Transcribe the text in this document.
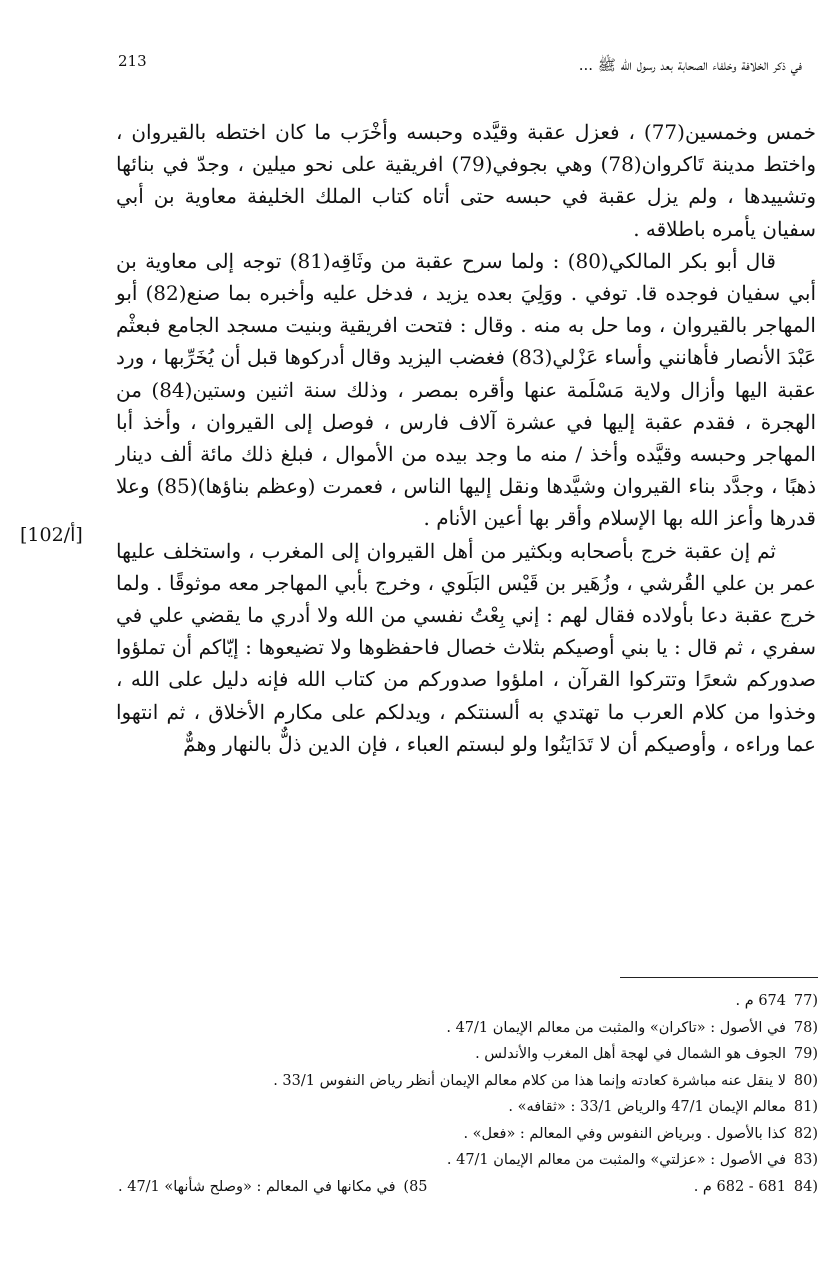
في ذكر الخلافة وخلفاء الصحابة بعد رسول الله ﷺ ...
213

خمس وخمسين(77) ، فعزل عقبة وقيَّده وحبسه وأخْرَب ما كان اختطه بالقيروان ، واختط مدينة تَاكروان(78) وهي بجوفي(79) افريقية على نحو ميلين ، وجدّ في بنائها وتشييدها ، ولم يزل عقبة في حبسه حتى أتاه كتاب الملك الخليفة معاوية بن أبي سفيان يأمره باطلاقه .

قال أبو بكر المالكي(80) : ولما سرح عقبة من وثَاقِه(81) توجه إلى معاوية بن أبي سفيان فوجده قا. توفي . ووَلِيَ بعده يزيد ، فدخل عليه وأخبره بما صنع(82) أبو المهاجر بالقيروان ، وما حل به منه . وقال : فتحت افريقية وبنيت مسجد الجامع فبعثْم عَبْدَ الأنصار فأهانني وأساء عَزْلي(83) فغضب اليزيد وقال أدركوها قبل أن يُخَرِّبها ، ورد عقبة اليها وأزال ولاية مَسْلَمة عنها وأقره بمصر ، وذلك سنة اثنين وستين(84) من الهجرة ، فقدم عقبة إليها في عشرة آلاف فارس ، فوصل إلى القيروان ، وأخذ أبا المهاجر وحبسه وقيَّده وأخذ / منه ما وجد بيده من الأموال ، فبلغ ذلك مائة ألف دينار ذهبًا ، وجدَّد بناء القيروان وشيَّدها ونقل إليها الناس ، فعمرت (وعظم بناؤها)(85) وعلا قدرها وأعز الله بها الإسلام وأقر بها أعين الأنام .

ثم إن عقبة خرج بأصحابه وبكثير من أهل القيروان إلى المغرب ، واستخلف عليها عمر بن علي القُرشي ، وزُهَير بن قَيْس البَلَوي ، وخرج بأبي المهاجر معه موثوقًا . ولما خرج عقبة دعا بأولاده فقال لهم : إني بِعْتُ نفسي من الله ولا أدري ما يقضي علي في سفري ، ثم قال : يا بني أوصيكم بثلاث خصال فاحفظوها ولا تضيعوها : إيّاكم أن تملؤوا صدوركم شعرًا وتتركوا القرآن ، املؤوا صدوركم من كتاب الله فإنه دليل على الله ، وخذوا من كلام العرب ما تهتدي به ألسنتكم ، ويدلكم على مكارم الأخلاق ، ثم انتهوا عما وراءه ، وأوصيكم أن لا تَدَايَنُوا ولو لبستم العباء ، فإن الدين ذلٌّ بالنهار وهمٌّ

[102/أ]
(77674 م .
(78في الأصول : «تاكران» والمثبت من معالم الإيمان 47/1 .
(79الجوف هو الشمال في لهجة أهل المغرب والأندلس .
(80لا ينقل عنه مباشرة كعادته وإنما هذا من كلام معالم الإيمان أنظر رياض النفوس 33/1 .
(81معالم الإيمان 47/1 والرياض 33/1 : «ثقافه» .
(82كذا بالأصول . وبرياض النفوس وفي المعالم : «فعل» .
(83في الأصول : «عزلتي» والمثبت من معالم الإيمان 47/1 .
(84681 - 682 م .
85)في مكانها في المعالم : «وصلح شأنها» 47/1 .
